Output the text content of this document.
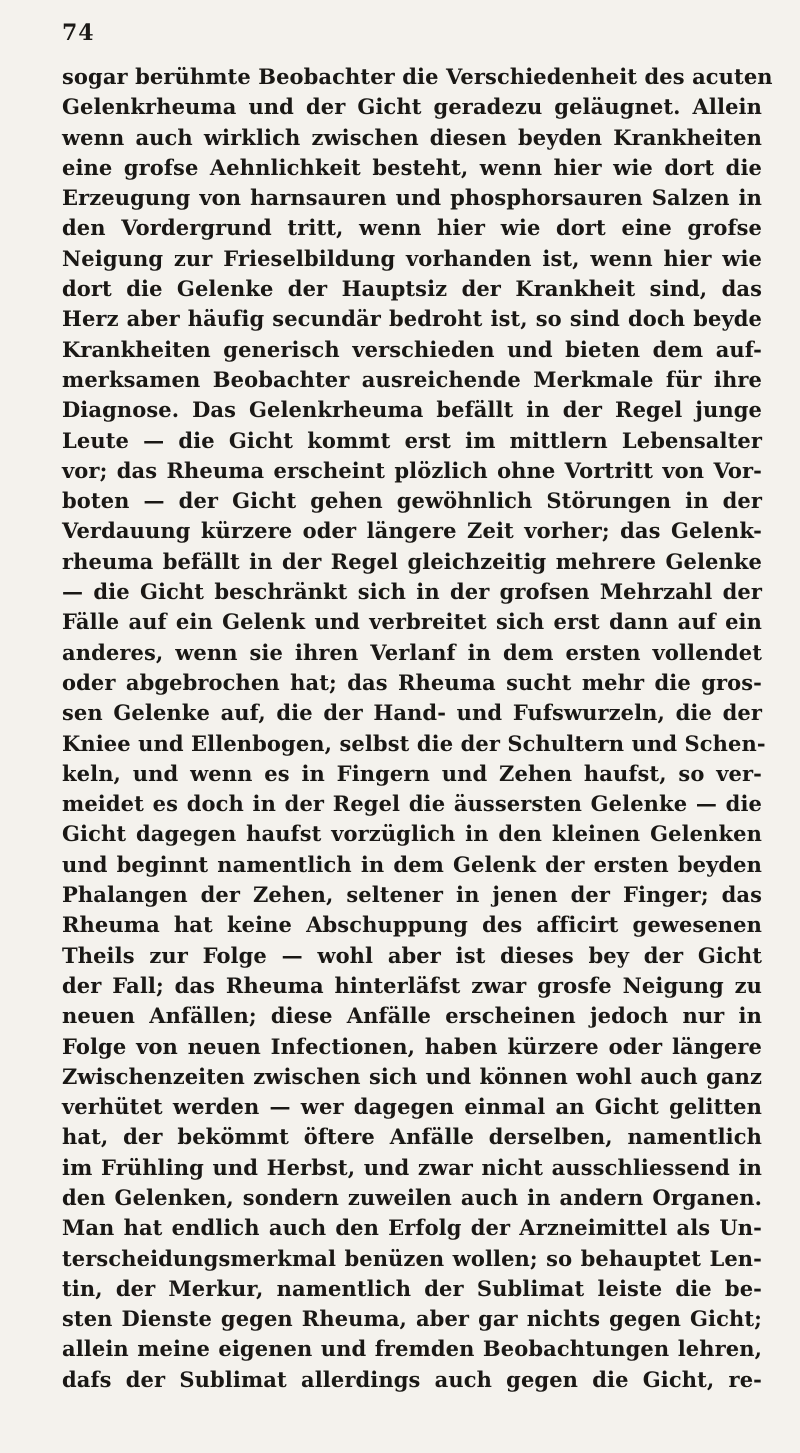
74
sogar berühmte Beobachter die Verschiedenheit des acuten
Gelenkrheuma und der Gicht geradezu geläugnet. Allein
wenn auch wirklich zwischen diesen beyden Krankheiten
eine grofse Aehnlichkeit besteht, wenn hier wie dort die
Erzeugung von harnsauren und phosphorsauren Salzen in
den Vordergrund tritt, wenn hier wie dort eine grofse
Neigung zur Frieselbildung vorhanden ist, wenn hier wie
dort die Gelenke der Hauptsiz der Krankheit sind, das
Herz aber häufig secundär bedroht ist, so sind doch beyde
Krankheiten generisch verschieden und bieten dem auf-
merksamen Beobachter ausreichende Merkmale für ihre
Diagnose. Das Gelenkrheuma befällt in der Regel junge
Leute — die Gicht kommt erst im mittlern Lebensalter
vor; das Rheuma erscheint plözlich ohne Vortritt von Vor-
boten — der Gicht gehen gewöhnlich Störungen in der
Verdauung kürzere oder längere Zeit vorher; das Gelenk-
rheuma befällt in der Regel gleichzeitig mehrere Gelenke
— die Gicht beschränkt sich in der grofsen Mehrzahl der
Fälle auf ein Gelenk und verbreitet sich erst dann auf ein
anderes, wenn sie ihren Verlanf in dem ersten vollendet
oder abgebrochen hat; das Rheuma sucht mehr die gros-
sen Gelenke auf, die der Hand- und Fufswurzeln, die der
Kniee und Ellenbogen, selbst die der Schultern und Schen-
keln, und wenn es in Fingern und Zehen haufst, so ver-
meidet es doch in der Regel die äussersten Gelenke — die
Gicht dagegen haufst vorzüglich in den kleinen Gelenken
und beginnt namentlich in dem Gelenk der ersten beyden
Phalangen der Zehen, seltener in jenen der Finger; das
Rheuma hat keine Abschuppung des afficirt gewesenen
Theils zur Folge — wohl aber ist dieses bey der Gicht
der Fall; das Rheuma hinterläfst zwar grosfe Neigung zu
neuen Anfällen; diese Anfälle erscheinen jedoch nur in
Folge von neuen Infectionen, haben kürzere oder längere
Zwischenzeiten zwischen sich und können wohl auch ganz
verhütet werden — wer dagegen einmal an Gicht gelitten
hat, der bekömmt öftere Anfälle derselben, namentlich
im Frühling und Herbst, und zwar nicht ausschliessend in
den Gelenken, sondern zuweilen auch in andern Organen.
Man hat endlich auch den Erfolg der Arzneimittel als Un-
terscheidungsmerkmal benüzen wollen; so behauptet Len-
tin, der Merkur, namentlich der Sublimat leiste die be-
sten Dienste gegen Rheuma, aber gar nichts gegen Gicht;
allein meine eigenen und fremden Beobachtungen lehren,
dafs der Sublimat allerdings auch gegen die Gicht, re-
